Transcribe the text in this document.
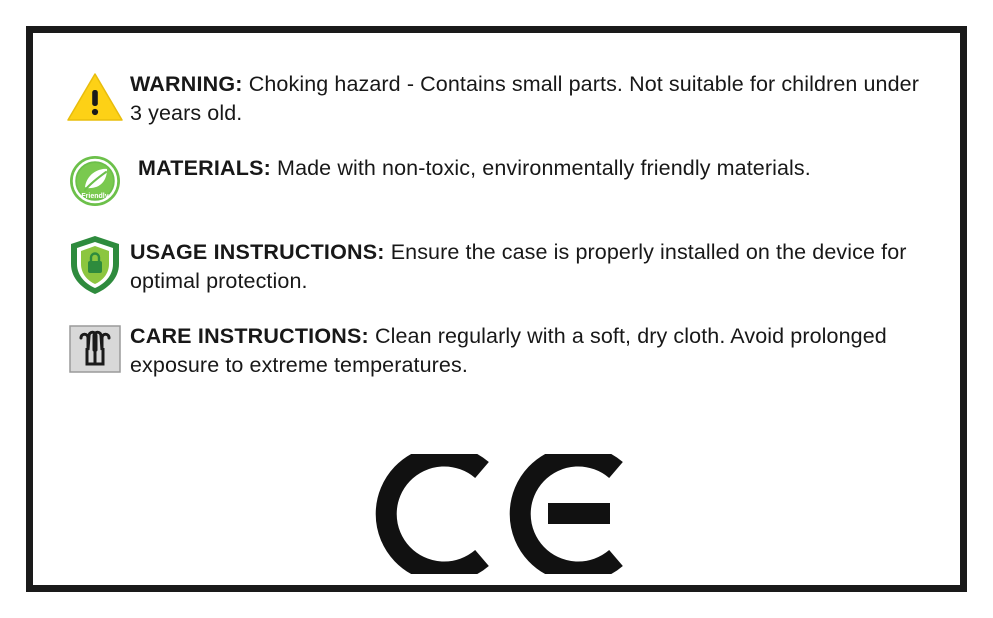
WARNING: Choking hazard - Contains small parts. Not suitable for children under 3 years old.
Friendly
MATERIALS: Made with non-toxic, environmentally friendly materials.
USAGE INSTRUCTIONS: Ensure the case is properly installed on the device for optimal protection.
CARE INSTRUCTIONS: Clean regularly with a soft, dry cloth. Avoid prolonged exposure to extreme temperatures.
